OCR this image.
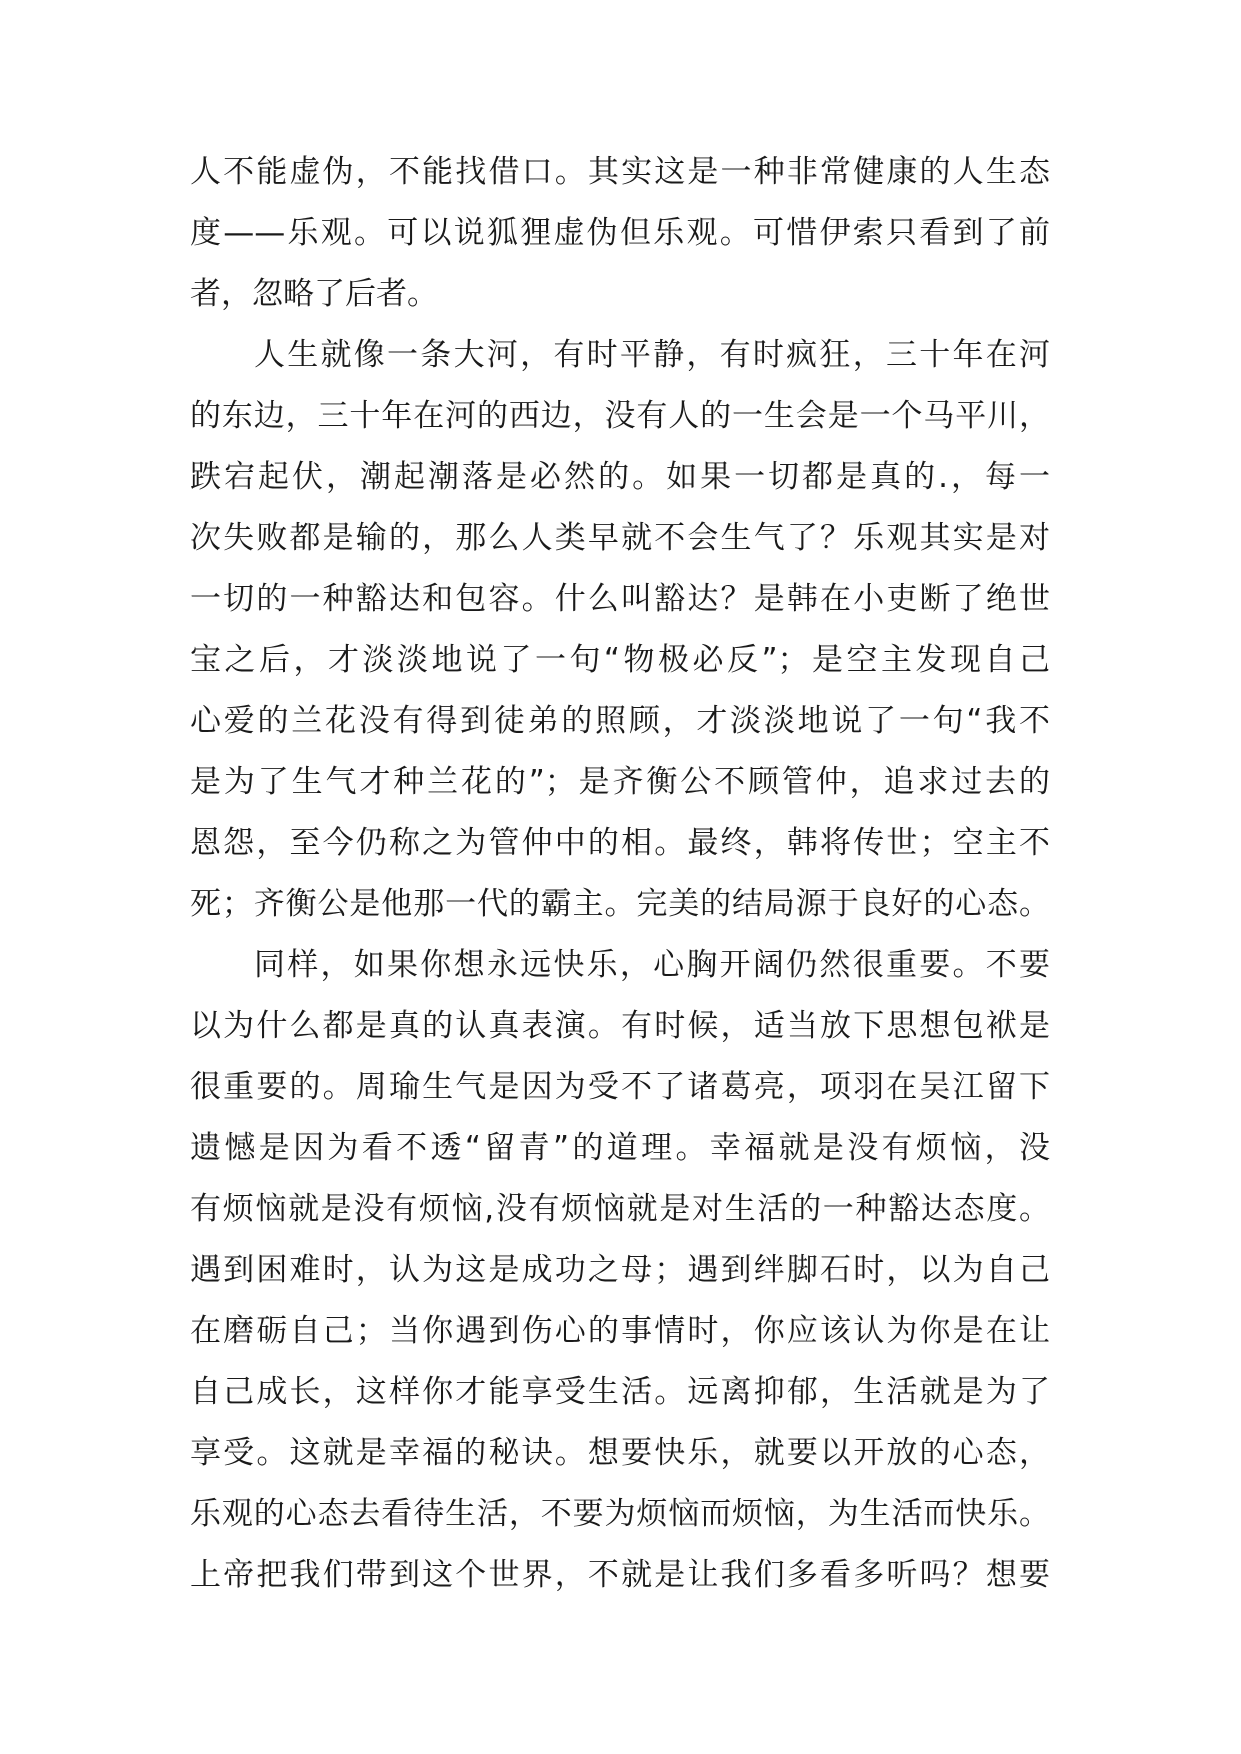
人不能虚伪，不能找借口。其实这是一种非常健康的人生态
度——乐观。可以说狐狸虚伪但乐观。可惜伊索只看到了前
者，忽略了后者。
人生就像一条大河，有时平静，有时疯狂，三十年在河
的东边，三十年在河的西边，没有人的一生会是一个马平川，
跌宕起伏，潮起潮落是必然的。如果一切都是真的.，每一
次失败都是输的，那么人类早就不会生气了？乐观其实是对
一切的一种豁达和包容。什么叫豁达？是韩在小吏断了绝世
宝之后，才淡淡地说了一句“物极必反”；是空主发现自己
心爱的兰花没有得到徒弟的照顾，才淡淡地说了一句“我不
是为了生气才种兰花的”；是齐衡公不顾管仲，追求过去的
恩怨，至今仍称之为管仲中的相。最终，韩将传世；空主不
死；齐衡公是他那一代的霸主。完美的结局源于良好的心态。
同样，如果你想永远快乐，心胸开阔仍然很重要。不要
以为什么都是真的认真表演。有时候，适当放下思想包袱是
很重要的。周瑜生气是因为受不了诸葛亮，项羽在吴江留下
遗憾是因为看不透“留青”的道理。幸福就是没有烦恼，没
有烦恼就是没有烦恼,没有烦恼就是对生活的一种豁达态度。
遇到困难时，认为这是成功之母；遇到绊脚石时，以为自己
在磨砺自己；当你遇到伤心的事情时，你应该认为你是在让
自己成长，这样你才能享受生活。远离抑郁，生活就是为了
享受。这就是幸福的秘诀。想要快乐，就要以开放的心态，
乐观的心态去看待生活，不要为烦恼而烦恼，为生活而快乐。
上帝把我们带到这个世界，不就是让我们多看多听吗？想要
